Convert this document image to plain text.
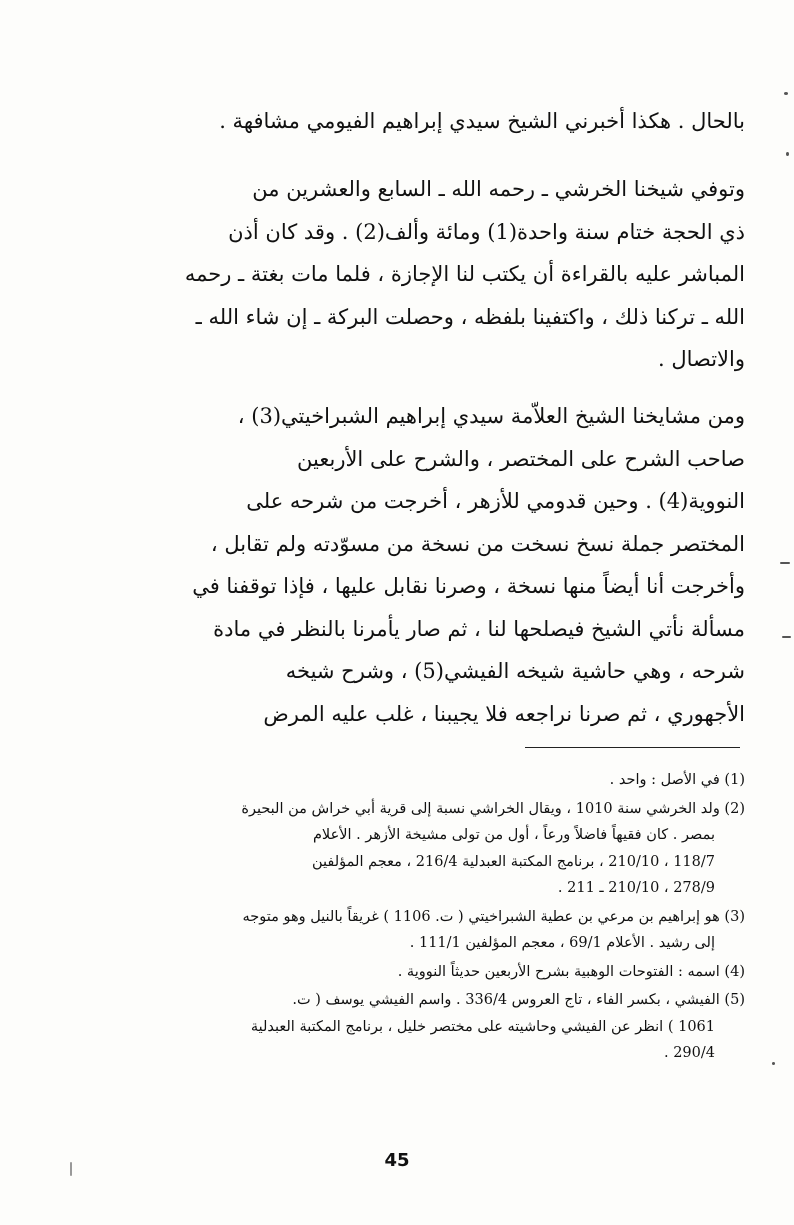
بالحال . هكذا أخبرني الشيخ سيدي إبراهيم الفيومي مشافهة .
وتوفي شيخنا الخرشي ـ رحمه الله ـ السابع والعشرين من
ذي الحجة ختام سنة واحدة(1) ومائة وألف(2) . وقد كان أذن
المباشر عليه بالقراءة أن يكتب لنا الإجازة ، فلما مات بغتة ـ رحمه
الله ـ تركنا ذلك ، واكتفينا بلفظه ، وحصلت البركة ـ إن شاء الله ـ
والاتصال .
ومن مشايخنا الشيخ العلاّمة سيدي إبراهيم الشبراخيتي(3) ،
صاحب الشرح على المختصر ، والشرح على الأربعين
النووية(4) . وحين قدومي للأزهر ، أخرجت من شرحه على
المختصر جملة نسخ نسخت من نسخة من مسوّدته ولم تقابل ،
وأخرجت أنا أيضاً منها نسخة ، وصرنا نقابل عليها ، فإذا توقفنا في
مسألة نأتي الشيخ فيصلحها لنا ، ثم صار يأمرنا بالنظر في مادة
شرحه ، وهي حاشية شيخه الفيشي(5) ، وشرح شيخه
الأجهوري ، ثم صرنا نراجعه فلا يجيبنا ، غلب عليه المرض
(1) في الأصل : واحد .
(2) ولد الخرشي سنة 1010 ، ويقال الخراشي نسبة إلى قرية أبي خراش من البحيرة
بمصر . كان فقيهاً فاضلاً ورعاً ، أول من تولى مشيخة الأزهر . الأعلام
118/7 ، 210/10 ، برنامج المكتبة العبدلية 216/4 ، معجم المؤلفين
278/9 ، 210/10 ـ 211 .
(3) هو إبراهيم بن مرعي بن عطية الشبراخيتي ( ت. 1106 ) غريقاً بالنيل وهو متوجه
إلى رشيد . الأعلام 69/1 ، معجم المؤلفين 111/1 .
(4) اسمه : الفتوحات الوهبية بشرح الأربعين حديثاً النووية .
(5) الفيشي ، بكسر الفاء ، تاج العروس 336/4 . واسم الفيشي يوسف ( ت.
1061 ) انظر عن الفيشي وحاشيته على مختصر خليل ، برنامج المكتبة العبدلية
290/4 .
45
